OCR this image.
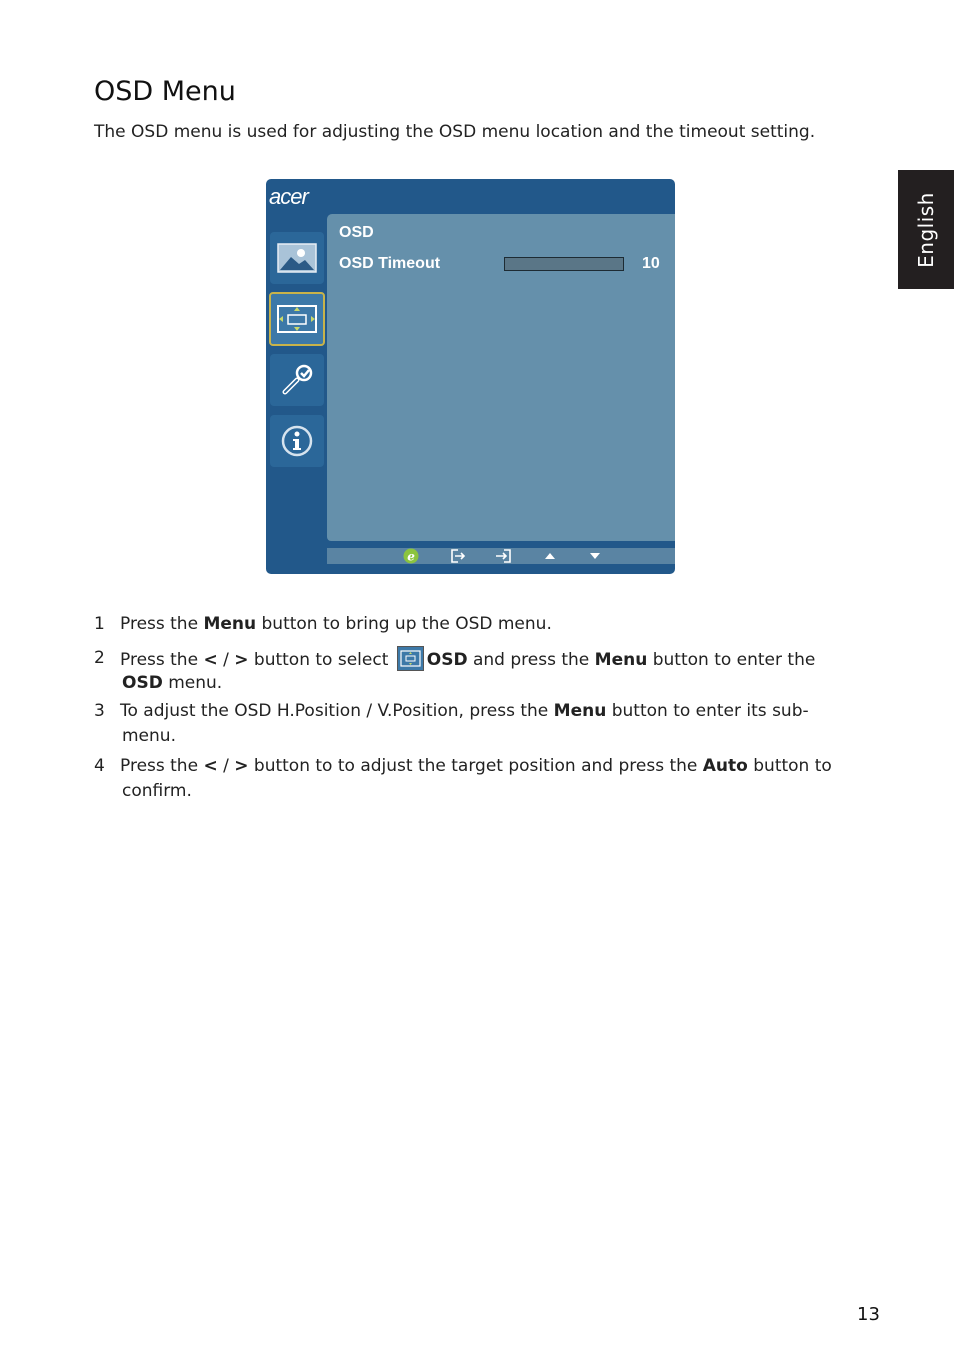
OSD Menu

The OSD menu is used for adjusting the OSD menu location and the timeout setting.

English
acer
OSD
OSD Timeout	10
e
1 Press the Menu button to bring up the OSD menu.
2 Press the < / > button to select
OSD and press the Menu button to enter the
OSD menu.
3 To adjust the OSD H.Position / V.Position, press the Menu button to enter its sub-
menu.
4 Press the < / > button to to adjust the target position and press the Auto button to
confirm.
13
